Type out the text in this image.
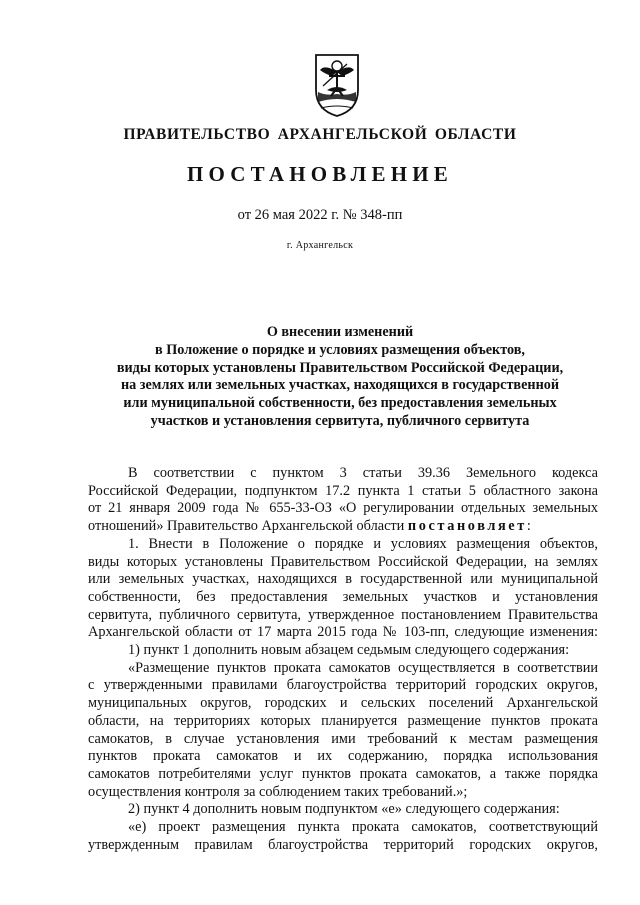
ПРАВИТЕЛЬСТВО АРХАНГЕЛЬСКОЙ ОБЛАСТИ
ПОСТАНОВЛЕНИЕ
от 26 мая 2022 г. № 348-пп
г. Архангельск
О внесении изменений
в Положение о порядке и условиях размещения объектов,
виды которых установлены Правительством Российской Федерации,
на землях или земельных участках, находящихся в государственной
или муниципальной собственности, без предоставления земельных
участков и установления сервитута, публичного сервитута
В соответствии с пунктом 3 статьи 39.36 Земельного кодекса
Российской Федерации, подпунктом 17.2 пункта 1 статьи 5 областного закона
от 21 января 2009 года № 655-33-ОЗ «О регулировании отдельных земельных
отношений» Правительство Архангельской области постановляет:
1. Внести в Положение о порядке и условиях размещения объектов,
виды которых установлены Правительством Российской Федерации, на землях
или земельных участках, находящихся в государственной или муниципальной
собственности, без предоставления земельных участков и установления
сервитута, публичного сервитута, утвержденное постановлением Правительства
Архангельской области от 17 марта 2015 года № 103-пп, следующие изменения:
1) пункт 1 дополнить новым абзацем седьмым следующего содержания:
«Размещение пунктов проката самокатов осуществляется в соответствии
с утвержденными правилами благоустройства территорий городских округов,
муниципальных округов, городских и сельских поселений Архангельской
области, на территориях которых планируется размещение пунктов проката
самокатов, в случае установления ими требований к местам размещения
пунктов проката самокатов и их содержанию, порядка использования
самокатов потребителями услуг пунктов проката самокатов, а также порядка
осуществления контроля за соблюдением таких требований.»;
2) пункт 4 дополнить новым подпунктом «е» следующего содержания:
«е) проект размещения пункта проката самокатов, соответствующий
утвержденным правилам благоустройства территорий городских округов,
